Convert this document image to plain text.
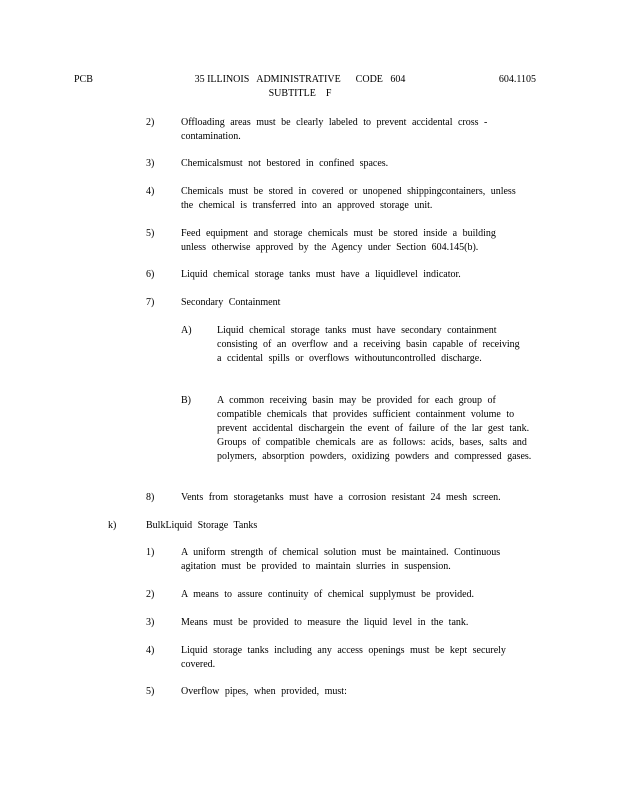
PCB	35 ILLINOIS   ADMINISTRATIVE      CODE   604
SUBTITLE    F
604.1105
2)	Offloading areas must be clearly labeled to prevent accidental cross - contamination.
3)	Chemicalsmust not bestored in confined spaces.
4)	Chemicals must be stored in covered or unopened shippingcontainers, unless the chemical is transferred into an approved storage unit.
5)	Feed equipment and storage chemicals must be stored inside a building unless otherwise approved by the Agency under Section 604.145(b).
6)	Liquid chemical storage tanks must have a liquidlevel indicator.
7)	Secondary Containment
A)	Liquid chemical storage tanks must have secondary containment consisting of an overflow and a receiving basin capable of receiving a ccidental spills or overflows withoutuncontrolled discharge.
B)	A common receiving basin may be provided for each group of compatible chemicals that provides sufficient containment volume to prevent accidental dischargein the event of failure of the lar gest tank. Groups of compatible chemicals are as follows: acids, bases, salts and polymers, absorption powders, oxidizing powders and compressed gases.
8)	Vents from storagetanks must have a corrosion resistant 24 mesh screen.
k)	BulkLiquid Storage Tanks
1)	A uniform strength of chemical solution must be maintained. Continuous agitation must be provided to maintain slurries in suspension.
2)	A means to assure continuity of chemical supplymust be provided.
3)	Means must be provided to measure the liquid level in the tank.
4)	Liquid storage tanks including any access openings must be kept securely covered.
5)	Overflow pipes, when provided, must:
